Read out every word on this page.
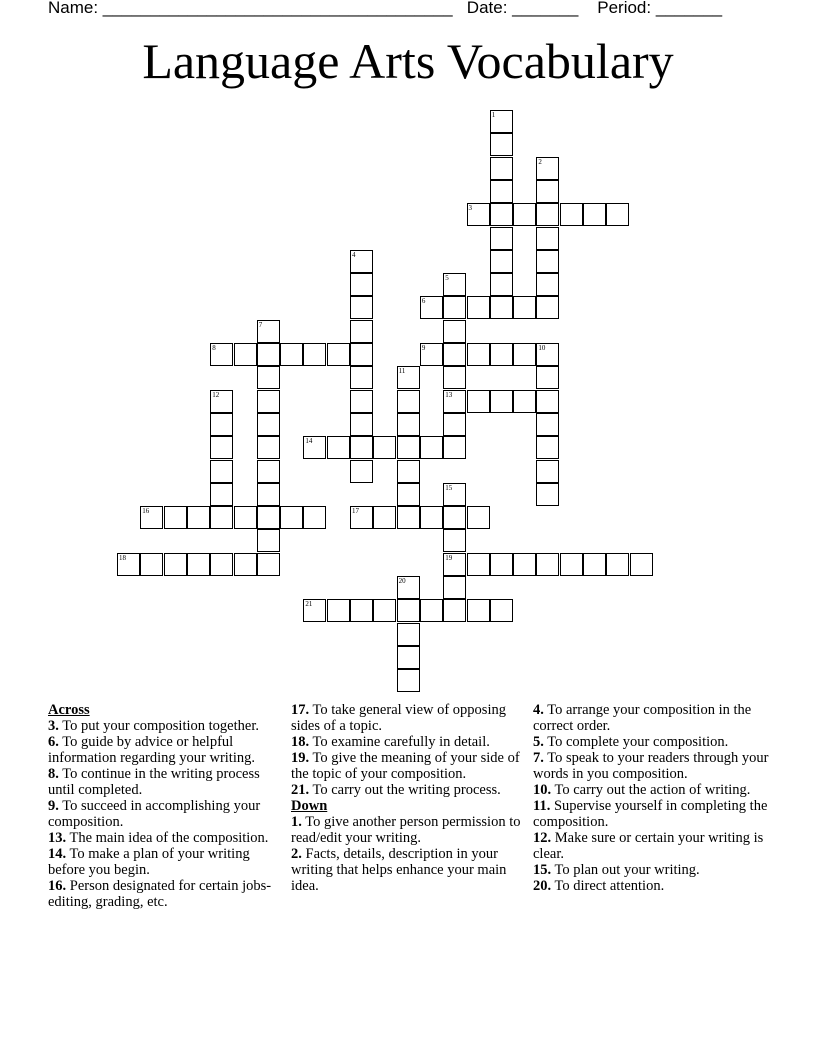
Name: _____________________________________ Date: _______ Period: _______
Language Arts Vocabulary
1
2
3
4
5
13
6
7
8	9	10
11
12
14
15
19
16	17
18
20
21
Across
3. To put your composition together.
6. To guide by advice or helpful information regarding your writing.
8. To continue in the writing process until completed.
9. To succeed in accomplishing your composition.
13. The main idea of the composition.
14. To make a plan of your writing before you begin.
16. Person designated for certain jobs- editing, grading, etc.
17. To take general view of opposing sides of a topic.
18. To examine carefully in detail.
19. To give the meaning of your side of the topic of your composition.
21. To carry out the writing process.
Down
1. To give another person permission to read/edit your writing.
2. Facts, details, description in your writing that helps enhance your main idea.
4. To arrange your composition in the correct order.
5. To complete your composition.
7. To speak to your readers through your words in you composition.
10. To carry out the action of writing.
11. Supervise yourself in completing the composition.
12. Make sure or certain your writing is clear.
15. To plan out your writing.
20. To direct attention.
